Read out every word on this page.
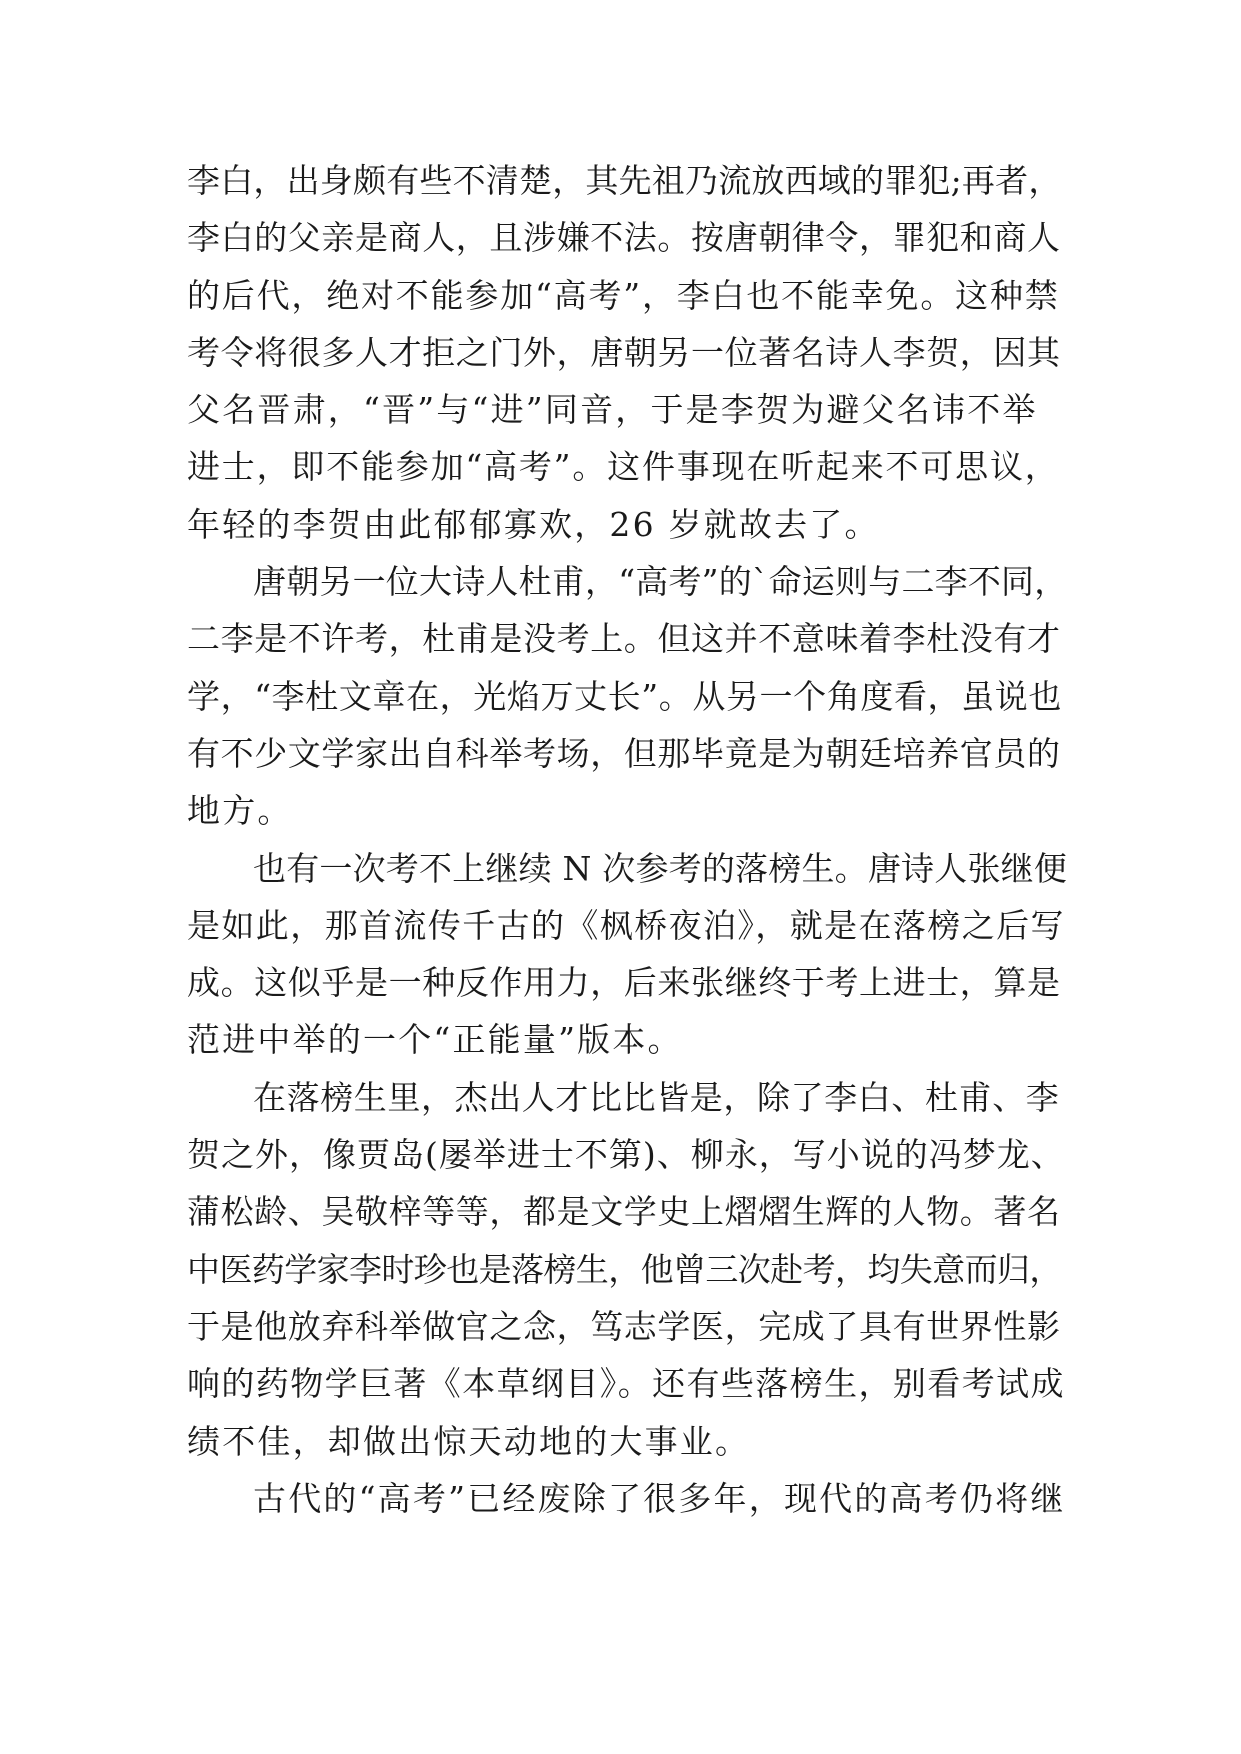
李白，出身颇有些不清楚，其先祖乃流放西域的罪犯;再者，
李白的父亲是商人，且涉嫌不法。按唐朝律令，罪犯和商人
的后代，绝对不能参加“高考”，李白也不能幸免。这种禁
考令将很多人才拒之门外，唐朝另一位著名诗人李贺，因其
父名晋肃，“晋”与“进”同音，于是李贺为避父名讳不举
进士，即不能参加“高考”。这件事现在听起来不可思议，
年轻的李贺由此郁郁寡欢，26 岁就故去了。
唐朝另一位大诗人杜甫，“高考”的`命运则与二李不同，
二李是不许考，杜甫是没考上。但这并不意味着李杜没有才
学，“李杜文章在，光焰万丈长”。从另一个角度看，虽说也
有不少文学家出自科举考场，但那毕竟是为朝廷培养官员的
地方。
也有一次考不上继续 N 次参考的落榜生。唐诗人张继便
是如此，那首流传千古的《枫桥夜泊》，就是在落榜之后写
成。这似乎是一种反作用力，后来张继终于考上进士，算是
范进中举的一个“正能量”版本。
在落榜生里，杰出人才比比皆是，除了李白、杜甫、李
贺之外，像贾岛(屡举进士不第)、柳永，写小说的冯梦龙、
蒲松龄、吴敬梓等等，都是文学史上熠熠生辉的人物。著名
中医药学家李时珍也是落榜生，他曾三次赴考，均失意而归，
于是他放弃科举做官之念，笃志学医，完成了具有世界性影
响的药物学巨著《本草纲目》。还有些落榜生，别看考试成
绩不佳，却做出惊天动地的大事业。
古代的“高考”已经废除了很多年，现代的高考仍将继
